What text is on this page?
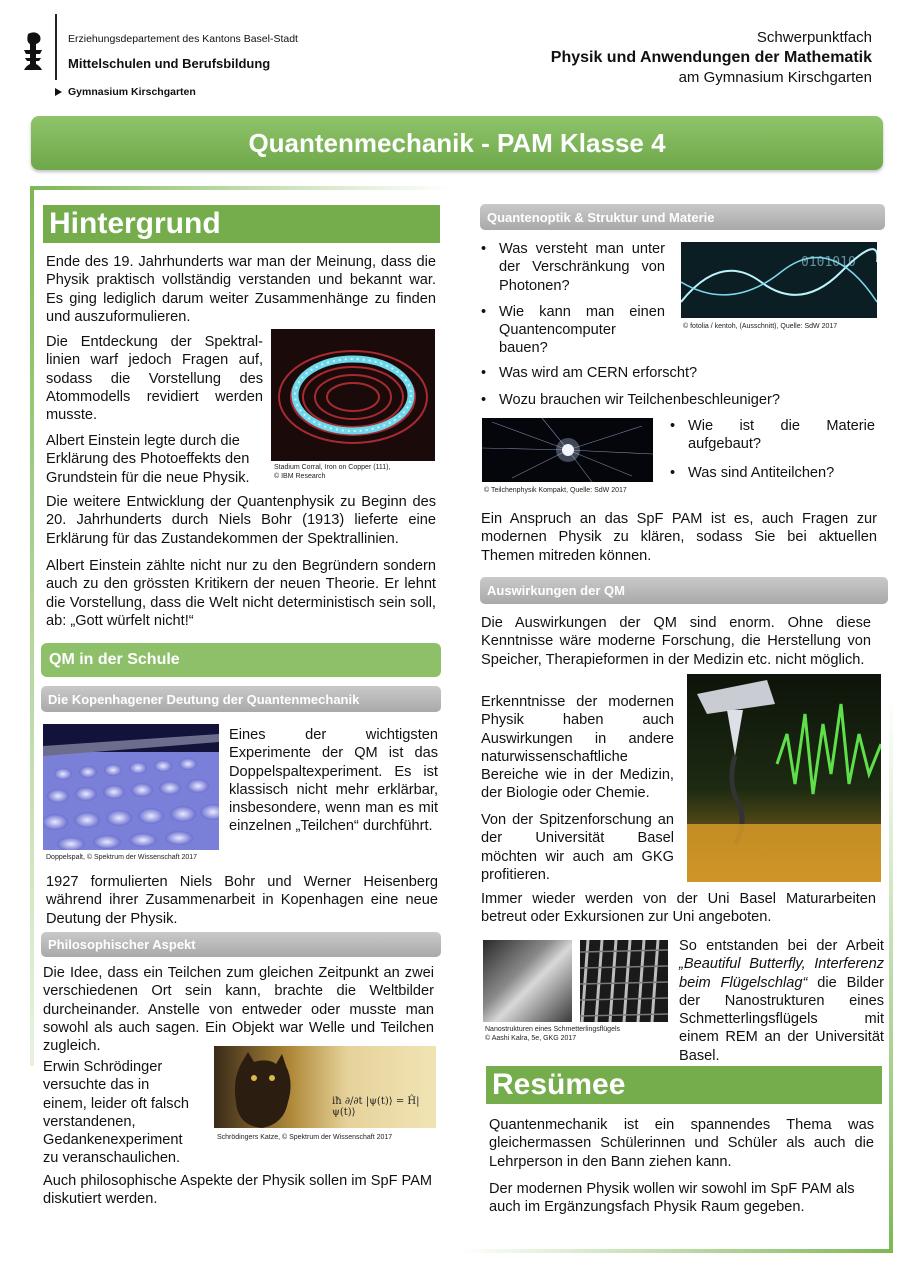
Erziehungsdepartement des Kantons Basel-Stadt
Mittelschulen und Berufsbildung
Gymnasium Kirschgarten
Schwerpunktfach
Physik und Anwendungen der Mathematik
am Gymnasium Kirschgarten
Quantenmechanik - PAM Klasse 4
Hintergrund
Ende des 19. Jahrhunderts war man der Meinung, dass die Physik praktisch vollständig verstanden und bekannt war. Es ging lediglich darum weiter Zusammenhänge zu finden und auszuformulieren.
Die Entdeckung der Spektral-linien warf jedoch Fragen auf, sodass die Vorstellung des Atommodells revidiert werden musste.
Albert Einstein legte durch die Erklärung des Photoeffekts den Grundstein für die neue Physik.
Stadium Corral, Iron on Copper (111),
© IBM Research
Die weitere Entwicklung der Quantenphysik zu Beginn des 20. Jahrhunderts durch Niels Bohr (1913) lieferte eine Erklärung für das Zustandekommen der Spektrallinien.
Albert Einstein zählte nicht nur zu den Begründern sondern auch zu den grössten Kritikern der neuen Theorie. Er lehnt die Vorstellung, dass die Welt nicht deterministisch sein soll, ab: „Gott würfelt nicht!“
QM in der Schule
Die Kopenhagener Deutung der Quantenmechanik
Doppelspalt, © Spektrum der Wissenschaft 2017
Eines der wichtigsten Experimente der QM ist das Doppelspaltexperiment. Es ist klassisch nicht mehr erklärbar, insbesondere, wenn man es mit einzelnen „Teilchen“ durchführt.
1927 formulierten Niels Bohr und Werner Heisenberg während ihrer Zusammenarbeit in Kopenhagen eine neue Deutung der Physik.
Philosophischer Aspekt
Die Idee, dass ein Teilchen zum gleichen Zeitpunkt an zwei verschiedenen Ort sein kann, brachte die Weltbilder durcheinander. Anstelle von entweder oder musste man sowohl als auch sagen. Ein Objekt war Welle und Teilchen zugleich.
Erwin Schrödinger versuchte das in einem, leider oft falsch verstandenen, Gedankenexperiment zu veranschaulichen.
iħ ∂/∂t |ψ(t)⟩ = Ĥ|ψ(t)⟩
Schrödingers Katze, © Spektrum der Wissenschaft 2017
Auch philosophische Aspekte der Physik sollen im SpF PAM diskutiert werden.
Quantenoptik & Struktur und Materie
• Was versteht man unter der Verschränkung von Photonen?
• Wie kann man einen Quantencomputer bauen?
• Was wird am CERN erforscht?
• Wozu brauchen wir Teilchenbeschleuniger?
0101010
© fotolia / kentoh, (Ausschnitt), Quelle: SdW 2017
© Teilchenphysik Kompakt, Quelle: SdW 2017
• Wie ist die Materie aufgebaut?
• Was sind Antiteilchen?
Ein Anspruch an das SpF PAM ist es, auch Fragen zur modernen Physik zu klären, sodass Sie bei aktuellen Themen mitreden können.
Auswirkungen der QM
Die Auswirkungen der QM sind enorm. Ohne diese Kenntnisse wäre moderne Forschung, die Herstellung von Speicher, Therapieformen in der Medizin etc. nicht möglich.
Erkenntnisse der modernen Physik haben auch Auswirkungen in andere naturwissenschaftliche Bereiche wie in der Medizin, der Biologie oder Chemie.
Von der Spitzenforschung an der Universität Basel möchten wir auch am GKG profitieren.
Immer wieder werden von der Uni Basel Maturarbeiten betreut oder Exkursionen zur Uni angeboten.
Nanostrukturen eines Schmetterlingsflügels
© Aashi Kalra, 5e, GKG 2017
So entstanden bei der Arbeit „Beautiful Butterfly, Interferenz beim Flügelschlag“ die Bilder der Nanostrukturen eines Schmetterlingsflügels mit einem REM an der Universität Basel.
Resümee
Quantenmechanik ist ein spannendes Thema was gleichermassen Schülerinnen und Schüler als auch die Lehrperson in den Bann ziehen kann.
Der modernen Physik wollen wir sowohl im SpF PAM als auch im Ergänzungsfach Physik Raum gegeben.
